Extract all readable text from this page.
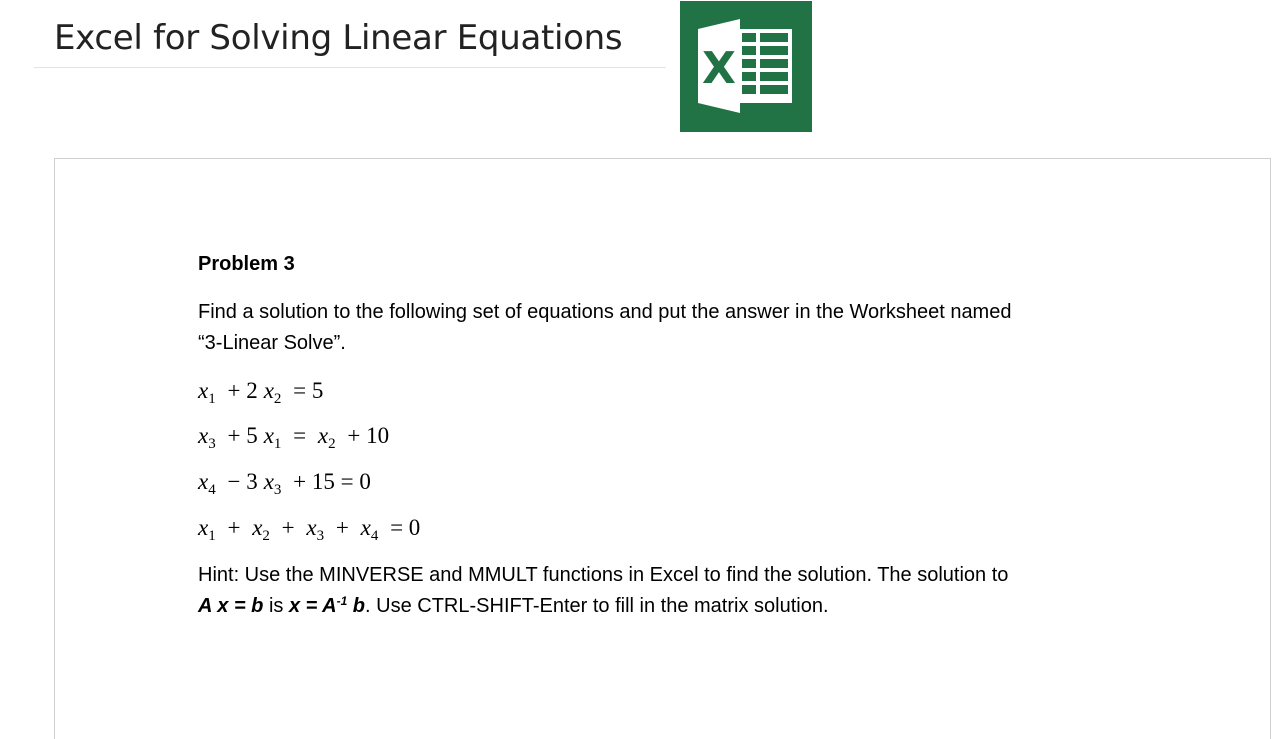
Excel for Solving Linear Equations
X
Problem 3
Find a solution to the following set of equations and put the answer in the Worksheet named
“3-Linear Solve”.
$x_1 + 2$ $x_2 = 5$
$x_3 + 5$ $x_1 = x_2 + 10$
$x_4 - 3$ $x_3 + 15 = 0$
$x_1 + x_2 + x_3 + x_4 = 0$
Hint: Use the MINVERSE and MMULT functions in Excel to find the solution. The solution to
A x = b is $x = A^{-1}$ b. Use CTRL-SHIFT-Enter to fill in the matrix solution.
